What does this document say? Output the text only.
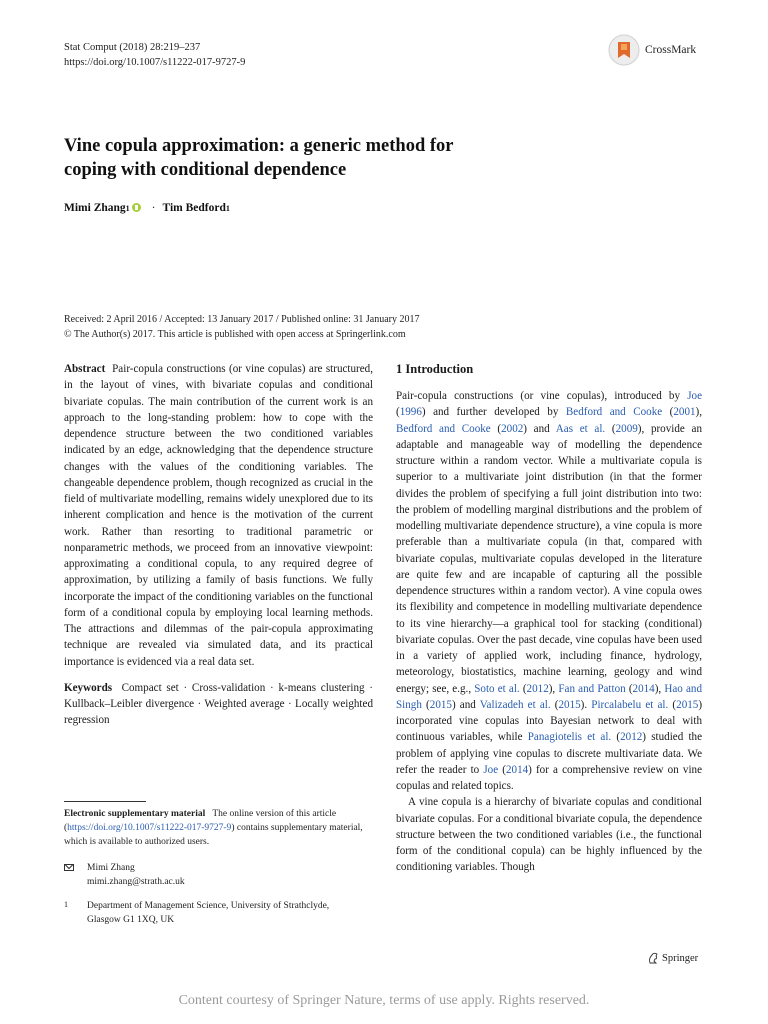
Stat Comput (2018) 28:219–237
https://doi.org/10.1007/s11222-017-9727-9
CrossMark
Vine copula approximation: a generic method for coping with conditional dependence
Mimi Zhang 1 · Tim Bedford 1
Received: 2 April 2016 / Accepted: 13 January 2017 / Published online: 31 January 2017
© The Author(s) 2017. This article is published with open access at Springerlink.com

Abstract Pair-copula constructions (or vine copulas) are structured, in the layout of vines, with bivariate copulas and conditional bivariate copulas. The main contribution of the current work is an approach to the long-standing problem: how to cope with the dependence structure between the two conditioned variables indicated by an edge, acknowledging that the dependence structure changes with the values of the conditioning variables. The changeable dependence problem, though recognized as crucial in the field of multivariate modelling, remains widely unexplored due to its inherent complication and hence is the motivation of the current work. Rather than resorting to traditional parametric or nonparametric methods, we proceed from an innovative viewpoint: approximating a conditional copula, to any required degree of approximation, by utilizing a family of basis functions. We fully incorporate the impact of the conditioning variables on the functional form of a conditional copula by employing local learning methods. The attractions and dilemmas of the pair-copula approximating technique are revealed via simulated data, and its practical importance is evidenced via a real data set.

Keywords Compact set · Cross-validation · k-means clustering · Kullback–Leibler divergence · Weighted average · Locally weighted regression

Electronic supplementary material The online version of this article (https://doi.org/10.1007/s11222-017-9727-9) contains supplementary material, which is available to authorized users.
Mimi Zhang
mimi.zhang@strath.ac.uk
1	Department of Management Science, University of Strathclyde, Glasgow G1 1XQ, UK
1 Introduction

Pair-copula constructions (or vine copulas), introduced by Joe (1996) and further developed by Bedford and Cooke (2001), Bedford and Cooke (2002) and Aas et al. (2009), provide an adaptable and manageable way of modelling the dependence structure within a random vector. While a multivariate copula is superior to a multivariate joint distribution (in that the former divides the problem of specifying a full joint distribution into two: the problem of modelling marginal distributions and the problem of modelling multivariate dependence structure), a vine copula is more preferable than a multivariate copula (in that, compared with bivariate copulas, multivariate copulas developed in the literature are quite few and are incapable of capturing all the possible dependence structures within a random vector). A vine copula owes its flexibility and competence in modelling multivariate dependence to its vine hierarchy—a graphical tool for stacking (conditional) bivariate copulas. Over the past decade, vine copulas have been used in a variety of applied work, including finance, hydrology, meteorology, biostatistics, machine learning, geology and wind energy; see, e.g., Soto et al. (2012), Fan and Patton (2014), Hao and Singh (2015) and Valizadeh et al. (2015). Pircalabelu et al. (2015) incorporated vine copulas into Bayesian network to deal with continuous variables, while Panagiotelis et al. (2012) studied the problem of applying vine copulas to discrete multivariate data. We refer the reader to Joe (2014) for a comprehensive review on vine copulas and related topics.

A vine copula is a hierarchy of bivariate copulas and conditional bivariate copulas. For a conditional bivariate copula, the dependence structure between the two conditioned variables (i.e., the functional form of the conditional copula) can be highly influenced by the conditioning variables. Though

Springer
Content courtesy of Springer Nature, terms of use apply. Rights reserved.
